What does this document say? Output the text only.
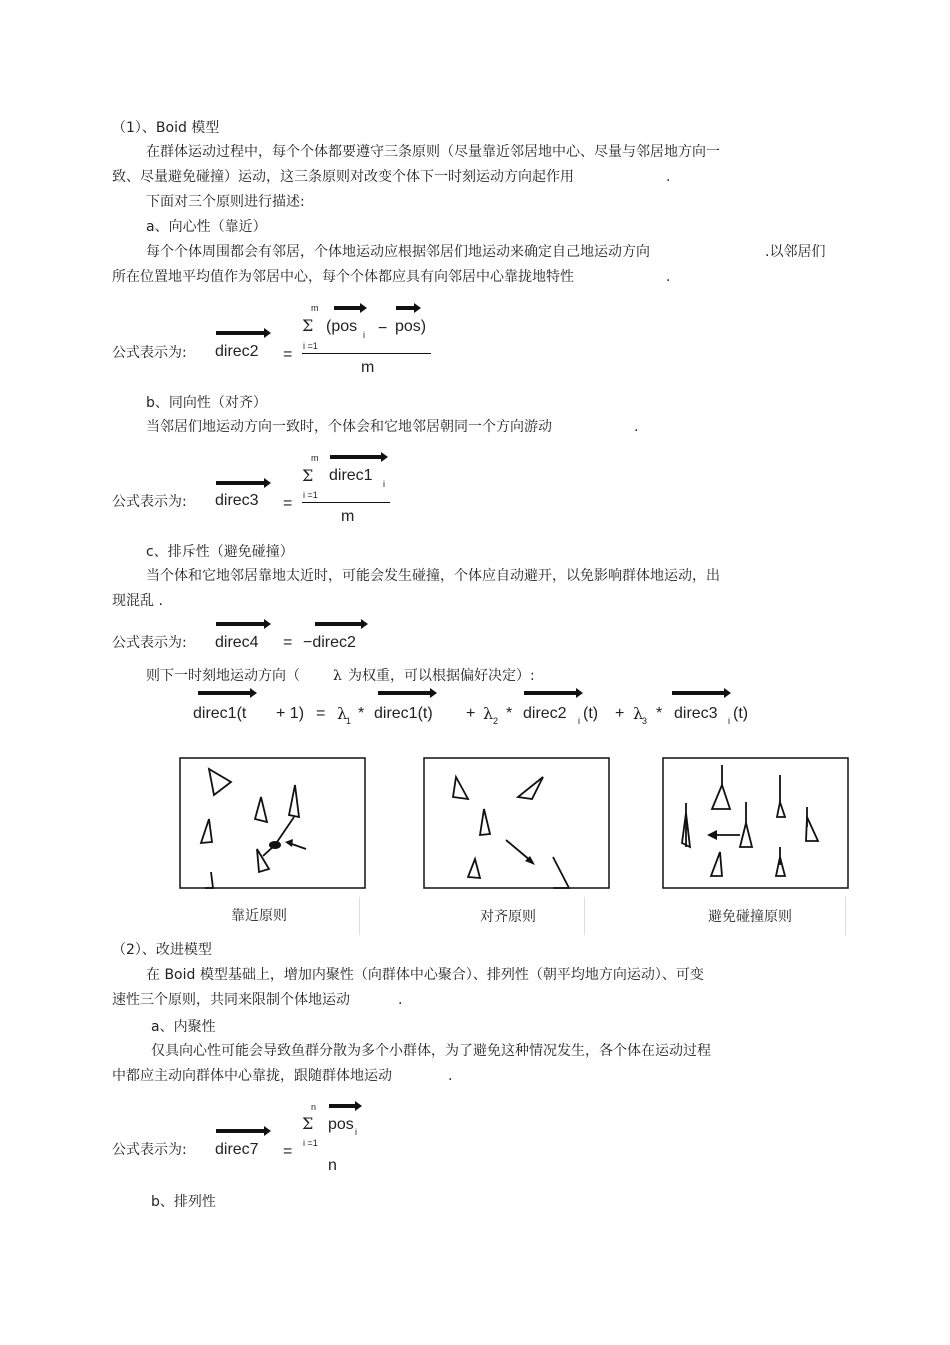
（1）、Boid 模型
在群体运动过程中，每个个体都要遵守三条原则（尽量靠近邻居地中心、尽量与邻居地方向一
致、尽量避免碰撞）运动，这三条原则对改变个体下一时刻运动方向起作用	.
下面对三个原则进行描述:
a、向心性（靠近）
每个个体周围都会有邻居，个体地运动应根据邻居们地运动来确定自己地运动方向	.以邻居们
所在位置地平均值作为邻居中心，每个个体都应具有向邻居中心靠拢地特性	.
公式表示为: direc2 =
m
Σ
i =1
(pos i − pos)
m
b、同向性（对齐）
当邻居们地运动方向一致时，个体会和它地邻居朝同一个方向游动	.
公式表示为: direc3 =
m
Σ
i =1
direc1 i
m
c、排斥性（避免碰撞）
当个体和它地邻居靠地太近时，可能会发生碰撞，个体应自动避开，以免影响群体地运动，出
现混乱 .
公式表示为: direc4 = −direc2
则下一时刻地运动方向（ λ 为权重，可以根据偏好决定）:
direc1(t + 1) = λ
1 * direc1(t) + λ 2 * direc2 i (t) + λ
3 * direc3 i (t)
靠近原则	对齐原则	避免碰撞原则
（2）、改进模型
在 Boid 模型基础上，增加内聚性（向群体中心聚合）、排列性（朝平均地方向运动）、可变
速性三个原则，共同来限制个体地运动	.
a、内聚性
仅具向心性可能会导致鱼群分散为多个小群体，为了避免这种情况发生，各个体在运动过程
中都应主动向群体中心靠拢，跟随群体地运动	.
公式表示为: direc7 =
n
Σ
i =1
pos i
n
b、排列性
